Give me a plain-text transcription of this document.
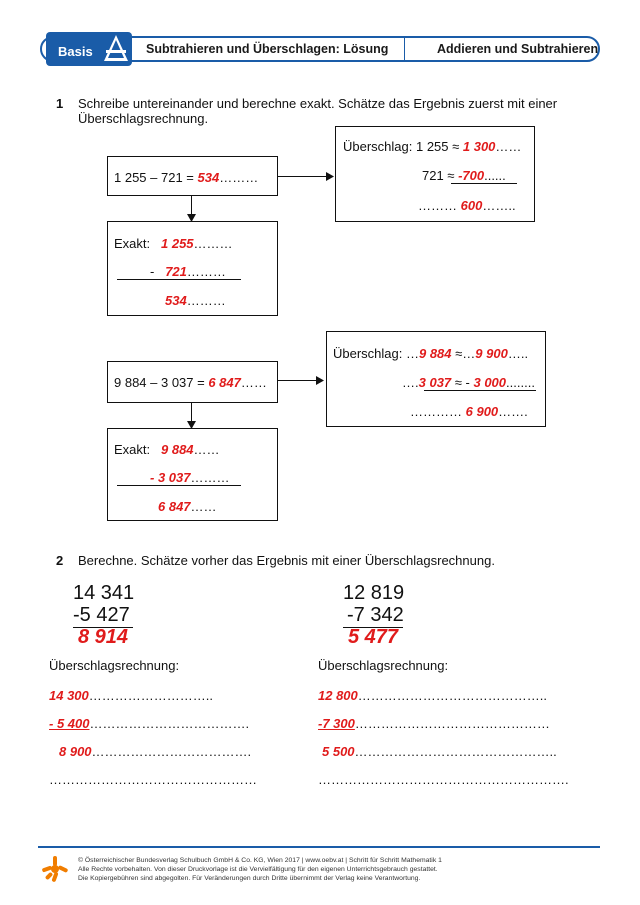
Basis	Subtrahieren und Überschlagen: Lösung	Addieren und Subtrahieren
1 Schreibe untereinander und berechne exakt. Schätze das Ergebnis zuerst mit einer
Überschlagsrechnung.
1 255 – 721 = 534………
Überschlag: 1 255 ≈ 1 300……
721 ≈ -700......
……… 600……..
Exakt: 1 255………
- 721………
534………
9 884 – 3 037 = 6 847……
Überschlag: …9 884 ≈…9 900…..
….3 037 ≈ - 3 000........
………… 6 900…….
Exakt: 9 884……
- 3 037………
6 847……
2 Berechne. Schätze vorher das Ergebnis mit einer Überschlagsrechnung.
14 341
-5 427
8 914
Überschlagsrechnung:
14 300………………………..
- 5 400……………………………….
8 900……………………………….
…………………………………………
12 819
-7 342
5 477
Überschlagsrechnung:
12 800……………………………………..
-7 300………………………………………
5 500………………………………………..
………………………………………………….
© Österreichischer Bundesverlag Schulbuch GmbH & Co. KG, Wien 2017 | www.oebv.at | Schritt für Schritt Mathematik 1
Alle Rechte vorbehalten. Von dieser Druckvorlage ist die Vervielfältigung für den eigenen Unterrichtsgebrauch gestattet.
Die Kopiergebühren sind abgegolten. Für Veränderungen durch Dritte übernimmt der Verlag keine Verantwortung.
